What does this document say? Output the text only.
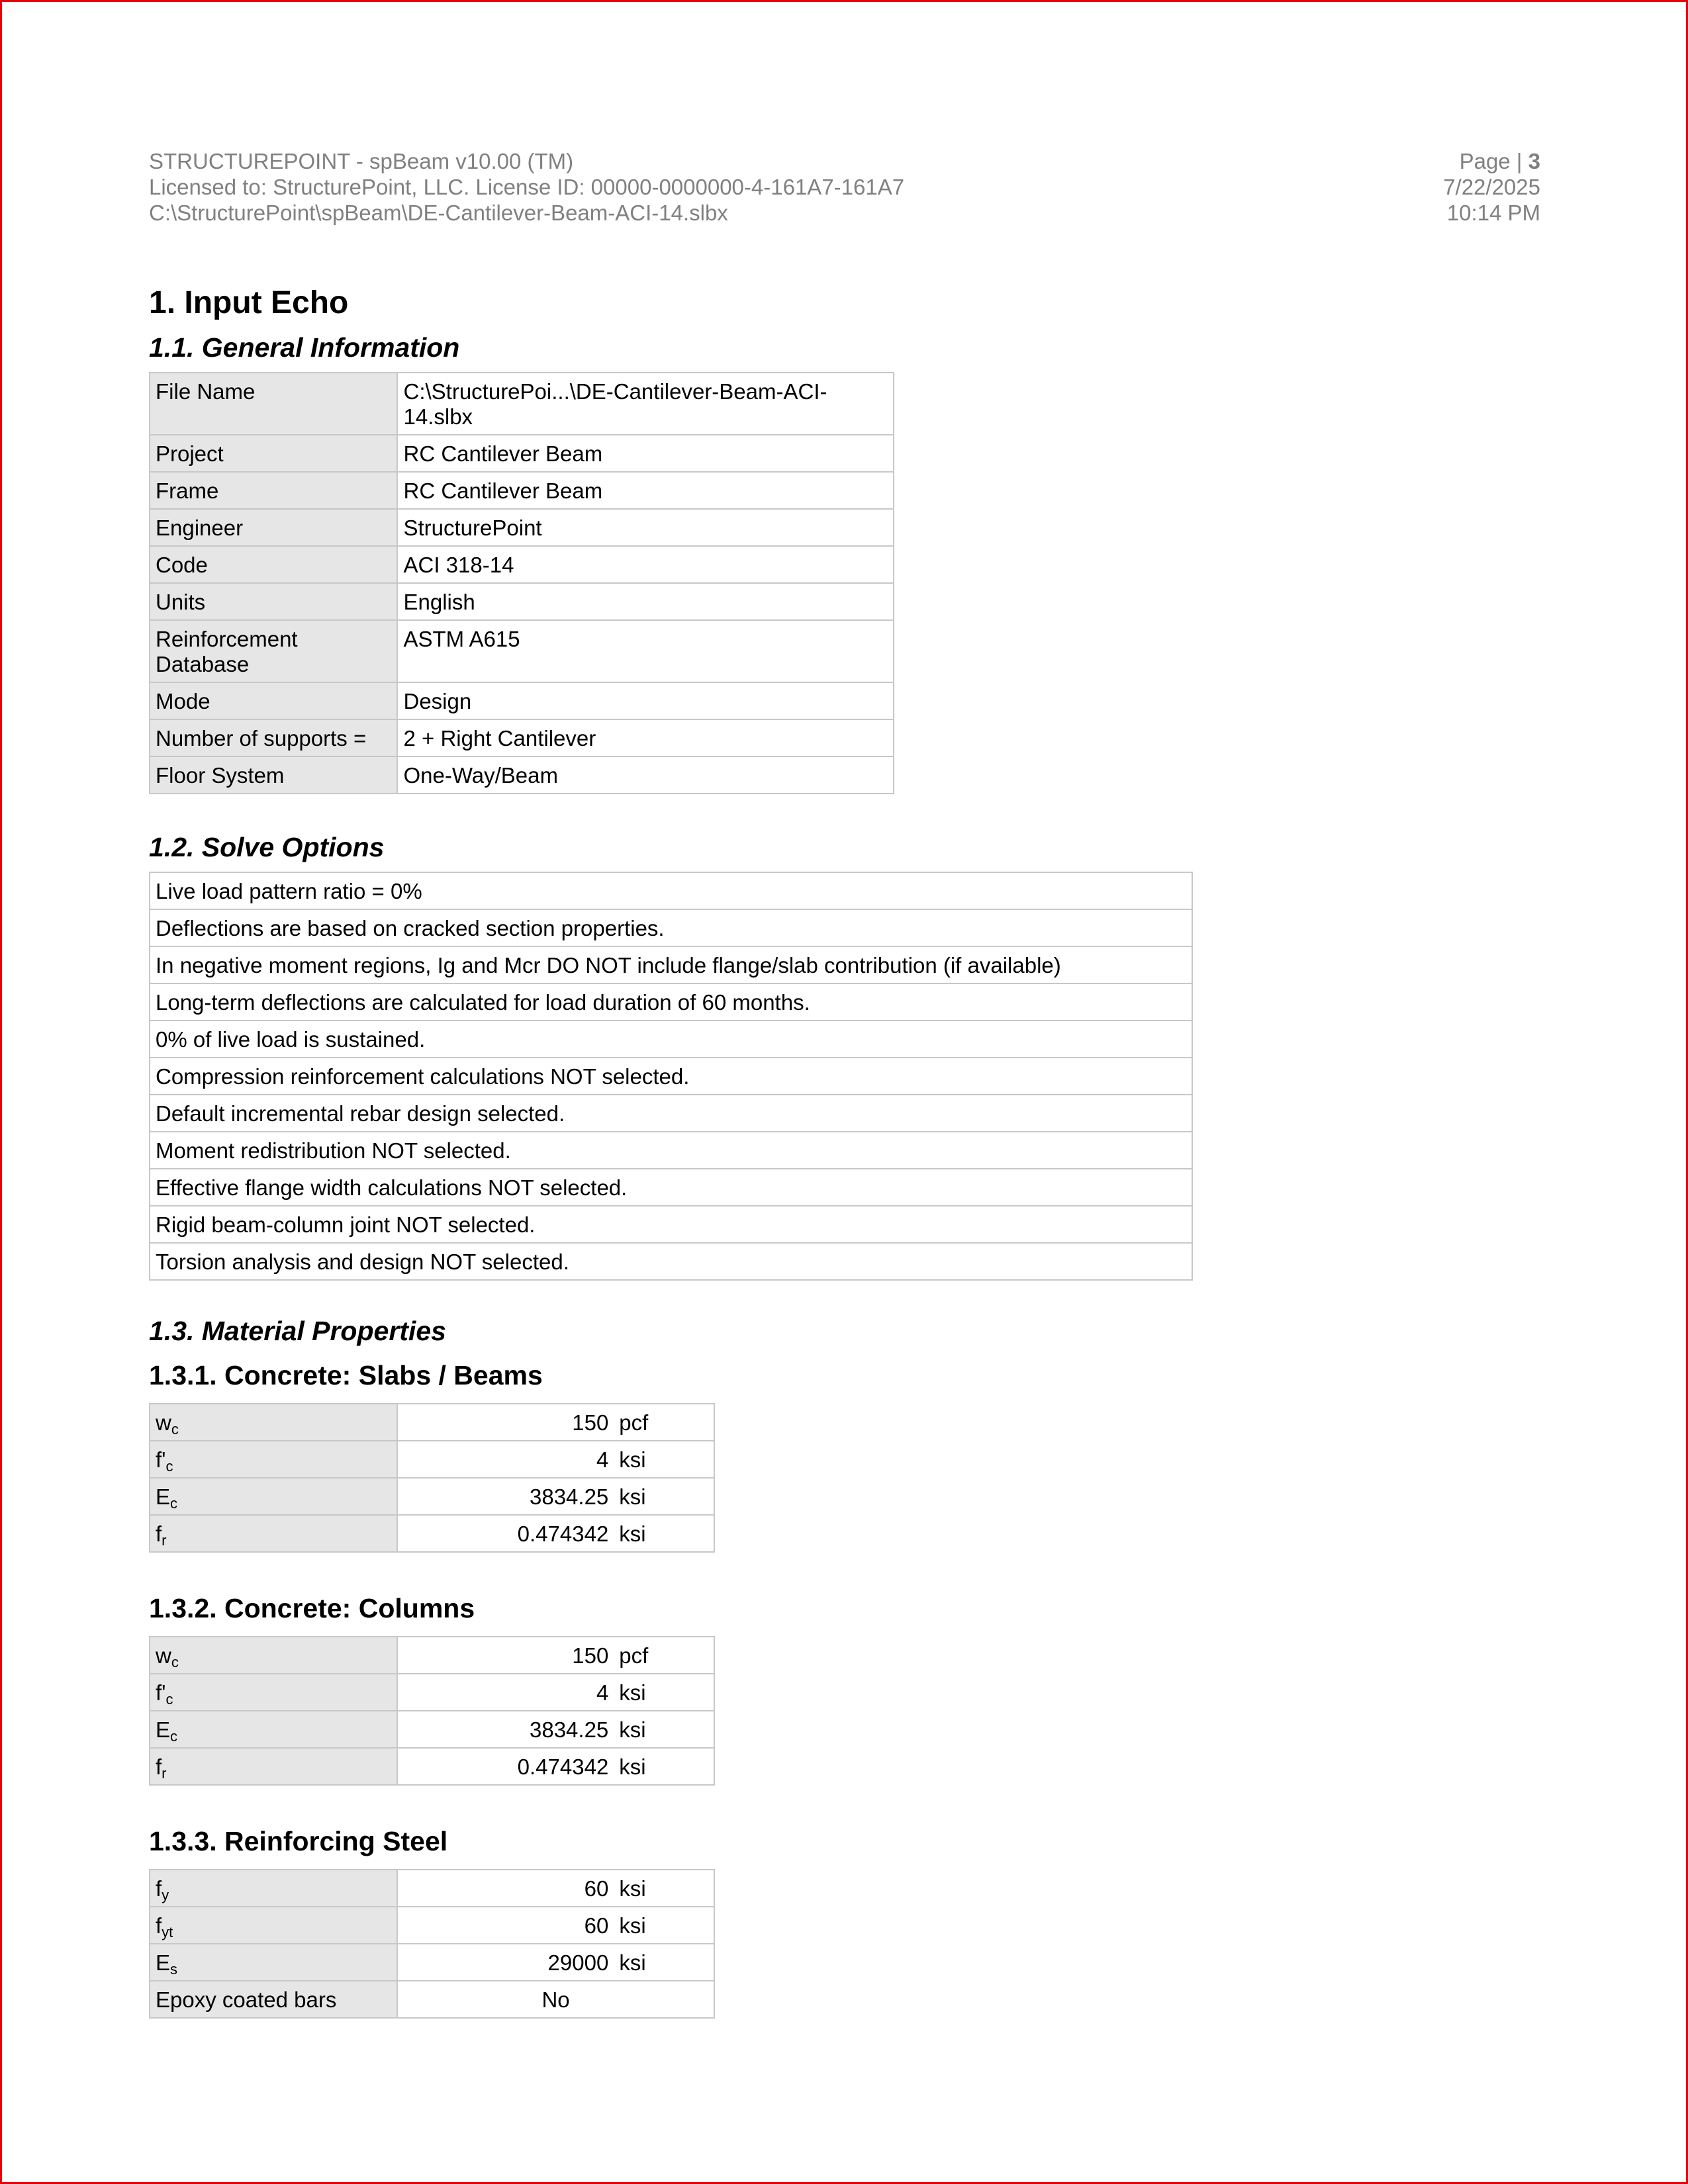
STRUCTUREPOINT - spBeam v10.00 (TM)
Licensed to: StructurePoint, LLC. License ID: 00000-0000000-4-161A7-161A7
C:\StructurePoint\spBeam\DE-Cantilever-Beam-ACI-14.slbx
Page | 3
7/22/2025
10:14 PM
1. Input Echo
1.1. General Information
File Name	C:\StructurePoi...\DE-Cantilever-Beam-ACI-14.slbx
Project	RC Cantilever Beam
Frame	RC Cantilever Beam
Engineer	StructurePoint
Code	ACI 318-14
Units	English
Reinforcement Database	ASTM A615
Mode	Design
Number of supports =	2 + Right Cantilever
Floor System	One-Way/Beam
1.2. Solve Options
Live load pattern ratio = 0%
Deflections are based on cracked section properties.
In negative moment regions, Ig and Mcr DO NOT include flange/slab contribution (if available)
Long-term deflections are calculated for load duration of 60 months.
0% of live load is sustained.
Compression reinforcement calculations NOT selected.
Default incremental rebar design selected.
Moment redistribution NOT selected.
Effective flange width calculations NOT selected.
Rigid beam-column joint NOT selected.
Torsion analysis and design NOT selected.
1.3. Material Properties
1.3.1. Concrete: Slabs / Beams
$w_c$	150	pcf
$f'_c$	4	ksi
$E_c$	3834.25	ksi
$f_r$	0.474342	ksi
1.3.2. Concrete: Columns
$w_c$	150	pcf
$f'_c$	4	ksi
$E_c$	3834.25	ksi
$f_r$	0.474342	ksi
1.3.3. Reinforcing Steel
$f_y$	60	ksi
$f_{yt}$	60	ksi
$E_s$	29000	ksi
Epoxy coated bars	No	
